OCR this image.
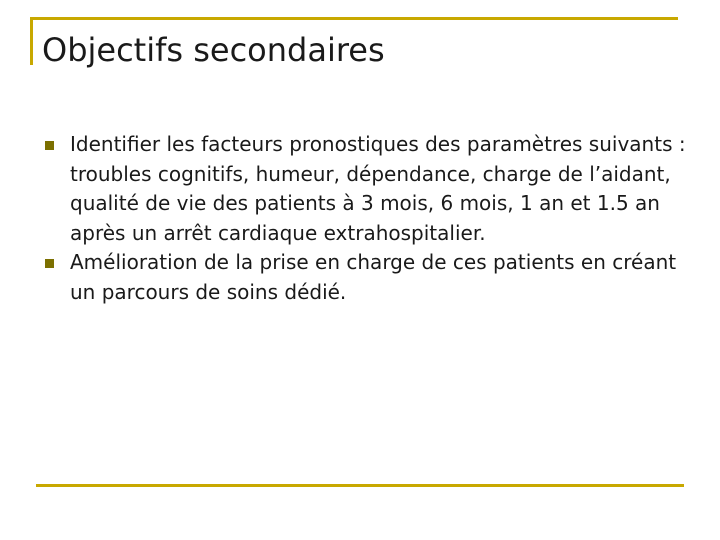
Objectifs secondaires
Identifier les facteurs pronostiques des paramètres suivants : troubles cognitifs, humeur, dépendance, charge de l’aidant, qualité de vie des patients à 3 mois, 6 mois, 1 an et 1.5 an après un arrêt cardiaque extrahospitalier.
Amélioration de la prise en charge de ces patients en créant un parcours de soins dédié.
